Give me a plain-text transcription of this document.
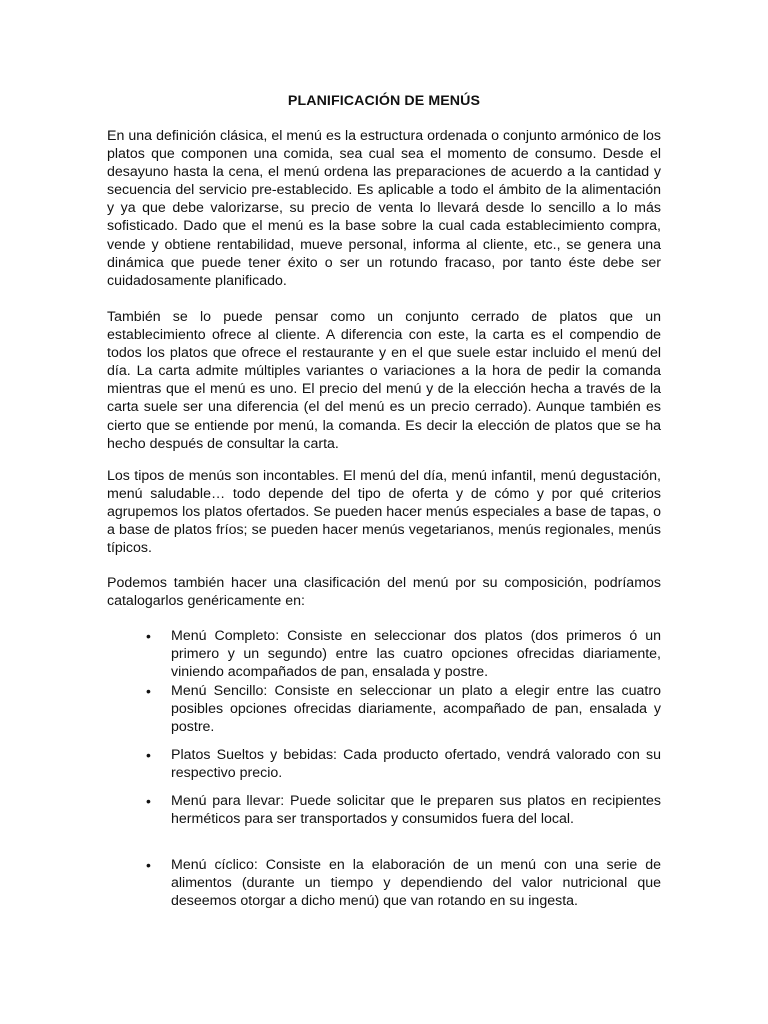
PLANIFICACIÓN DE MENÚS

En una definición clásica, el menú es la estructura ordenada o conjunto armónico de los platos que componen una comida, sea cual sea el momento de consumo. Desde el desayuno hasta la cena, el menú ordena las preparaciones de acuerdo a la cantidad y secuencia del servicio pre-establecido. Es aplicable a todo el ámbito de la alimentación y ya que debe valorizarse, su precio de venta lo llevará desde lo sencillo a lo más sofisticado. Dado que el menú es la base sobre la cual cada establecimiento compra, vende y obtiene rentabilidad, mueve personal, informa al cliente, etc., se genera una dinámica que puede tener éxito o ser un rotundo fracaso, por tanto éste debe ser cuidadosamente planificado.

También se lo puede pensar como un conjunto cerrado de platos que un establecimiento ofrece al cliente. A diferencia con este, la carta es el compendio de todos los platos que ofrece el restaurante y en el que suele estar incluido el menú del día. La carta admite múltiples variantes o variaciones a la hora de pedir la comanda mientras que el menú es uno. El precio del menú y de la elección hecha a través de la carta suele ser una diferencia (el del menú es un precio cerrado). Aunque también es cierto que se entiende por menú, la comanda. Es decir la elección de platos que se ha hecho después de consultar la carta.

Los tipos de menús son incontables. El menú del día, menú infantil, menú degustación, menú saludable… todo depende del tipo de oferta y de cómo y por qué criterios agrupemos los platos ofertados. Se pueden hacer menús especiales a base de tapas, o a base de platos fríos; se pueden hacer menús vegetarianos, menús regionales, menús típicos.

Podemos también hacer una clasificación del menú por su composición, podríamos catalogarlos genéricamente en:

• Menú Completo: Consiste en seleccionar dos platos (dos primeros ó un primero y un segundo) entre las cuatro opciones ofrecidas diariamente, viniendo acompañados de pan, ensalada y postre.

• Menú Sencillo: Consiste en seleccionar un plato a elegir entre las cuatro posibles opciones ofrecidas diariamente, acompañado de pan, ensalada y postre.

• Platos Sueltos y bebidas: Cada producto ofertado, vendrá valorado con su respectivo precio.

• Menú para llevar: Puede solicitar que le preparen sus platos en recipientes herméticos para ser transportados y consumidos fuera del local.

• Menú cíclico: Consiste en la elaboración de un menú con una serie de alimentos (durante un tiempo y dependiendo del valor nutricional que deseemos otorgar a dicho menú) que van rotando en su ingesta.
